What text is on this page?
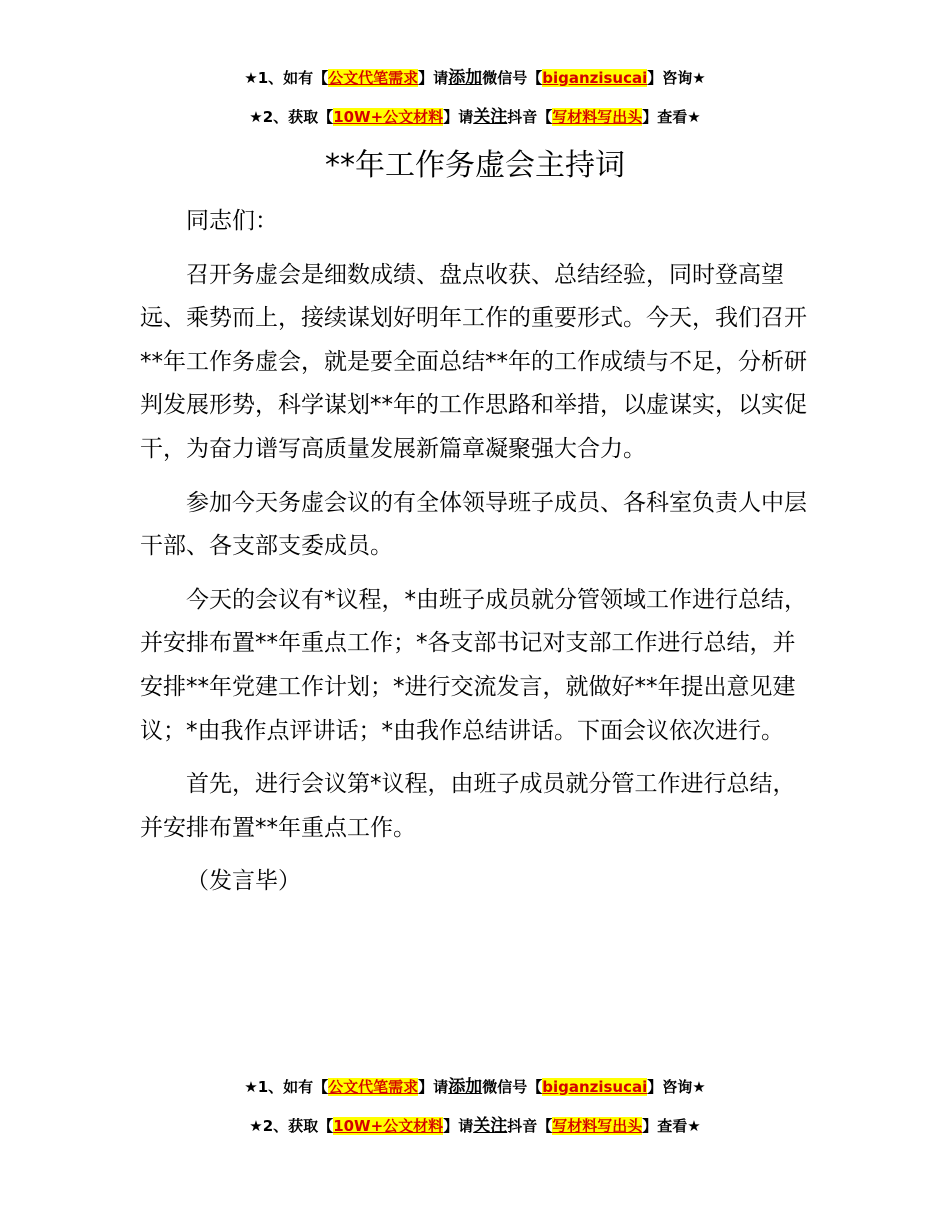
★1、如有【公文代笔需求】请添加微信号【biganzisucai】咨询★
★2、获取【10W+公文材料】请关注抖音【写材料写出头】查看★
**年工作务虚会主持词

同志们：

召开务虚会是细数成绩、盘点收获、总结经验，同时登高望远、乘势而上，接续谋划好明年工作的重要形式。今天，我们召开**年工作务虚会，就是要全面总结**年的工作成绩与不足，分析研判发展形势，科学谋划**年的工作思路和举措，以虚谋实，以实促干，为奋力谱写高质量发展新篇章凝聚强大合力。

参加今天务虚会议的有全体领导班子成员、各科室负责人中层干部、各支部支委成员。

今天的会议有*议程，*由班子成员就分管领域工作进行总结，并安排布置**年重点工作；*各支部书记对支部工作进行总结，并安排**年党建工作计划；*进行交流发言，就做好**年提出意见建议；*由我作点评讲话；*由我作总结讲话。下面会议依次进行。

首先，进行会议第*议程，由班子成员就分管工作进行总结，并安排布置**年重点工作。

（发言毕）

★1、如有【公文代笔需求】请添加微信号【biganzisucai】咨询★
★2、获取【10W+公文材料】请关注抖音【写材料写出头】查看★
